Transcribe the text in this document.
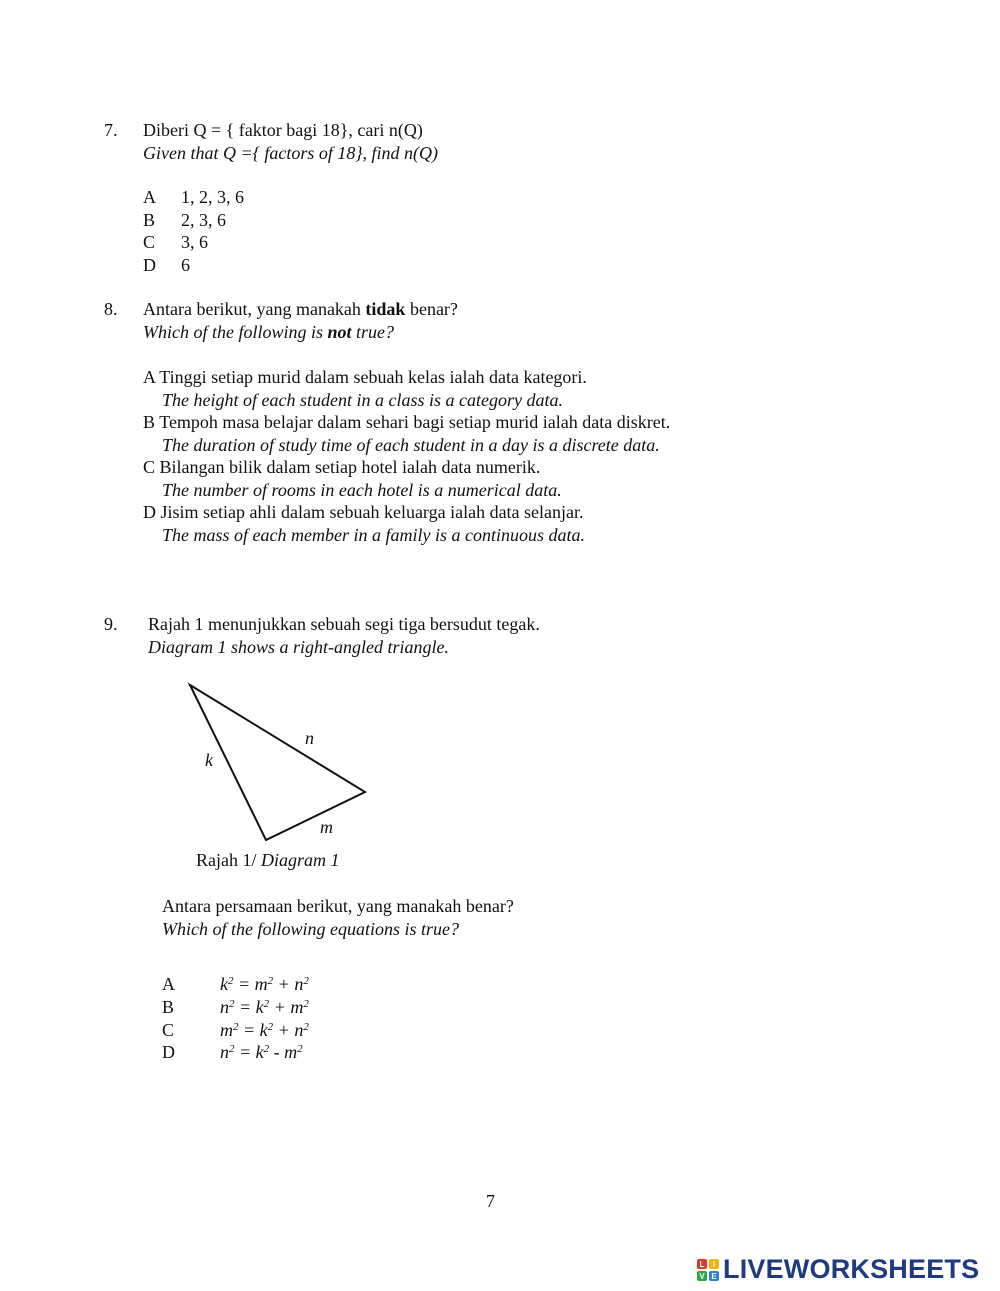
7. Diberi Q = { faktor bagi 18}, cari n(Q)
Given that Q ={ factors of 18}, find n(Q)
A 1, 2, 3, 6
B 2, 3, 6
C 3, 6
D 6
8. Antara berikut, yang manakah tidak benar?
Which of the following is not true?
A Tinggi setiap murid dalam sebuah kelas ialah data kategori.
The height of each student in a class is a category data.
B Tempoh masa belajar dalam sehari bagi setiap murid ialah data diskret.
The duration of study time of each student in a day is a discrete data.
C Bilangan bilik dalam setiap hotel ialah data numerik.
The number of rooms in each hotel is a numerical data.
D Jisim setiap ahli dalam sebuah keluarga ialah data selanjar.
The mass of each member in a family is a continuous data.
9. Rajah 1 menunjukkan sebuah segi tiga bersudut tegak.
Diagram 1 shows a right-angled triangle.
k
n
m
Rajah 1/ Diagram 1
Antara persamaan berikut, yang manakah benar?
Which of the following equations is true?
A	$k^2 = m^2 + n^2$
B	$n^2 = k^2 + m^2$
C	$m^2 = k^2 + n^2$
D	$n^2 = k^2 - m^2$
7
L I
V E LIVEWORKSHEETS
